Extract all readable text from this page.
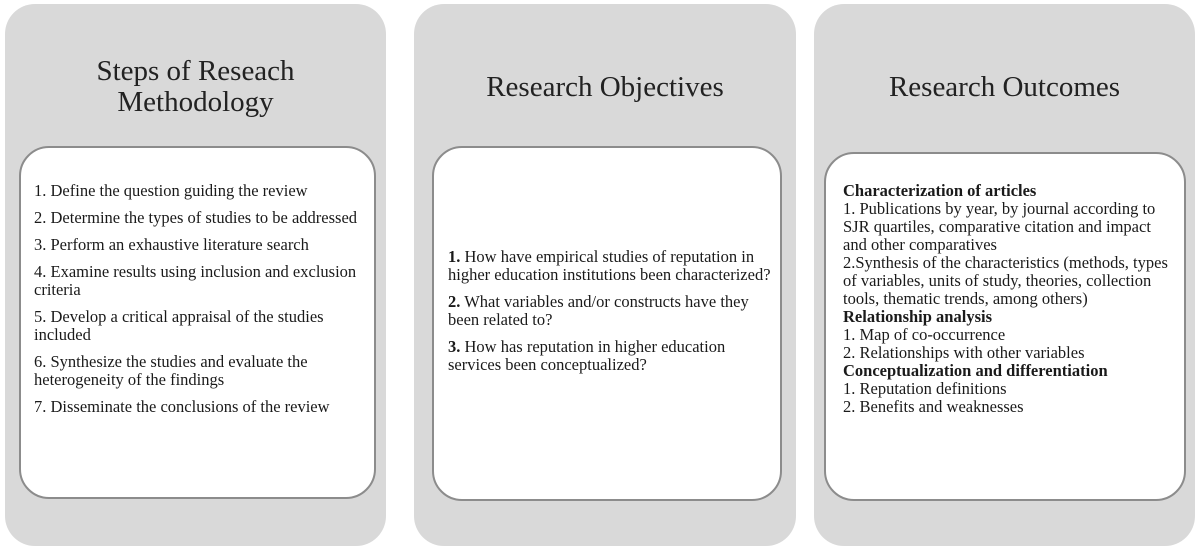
Steps of Reseach
Methodology
1. Define the question guiding the review
2. Determine the types of studies to be addressed
3. Perform an exhaustive literature search
4. Examine results using inclusion and exclusion criteria
5. Develop a critical appraisal of the studies included
6. Synthesize the studies and evaluate the heterogeneity of the findings
7. Disseminate the conclusions of the review
Research Objectives
1. How have empirical studies of reputation in higher education institutions been characterized?
2. What variables and/or constructs have they been related to?
3. How has reputation in higher education services been conceptualized?
Research Outcomes
Characterization of articles
1. Publications by year, by journal according to SJR quartiles, comparative citation and impact and other comparatives
2.Synthesis of the characteristics (methods, types of variables, units of study, theories, collection tools, thematic trends, among others)
Relationship analysis
1. Map of co-occurrence
2. Relationships with other variables
Conceptualization and differentiation
1. Reputation definitions
2. Benefits and weaknesses
